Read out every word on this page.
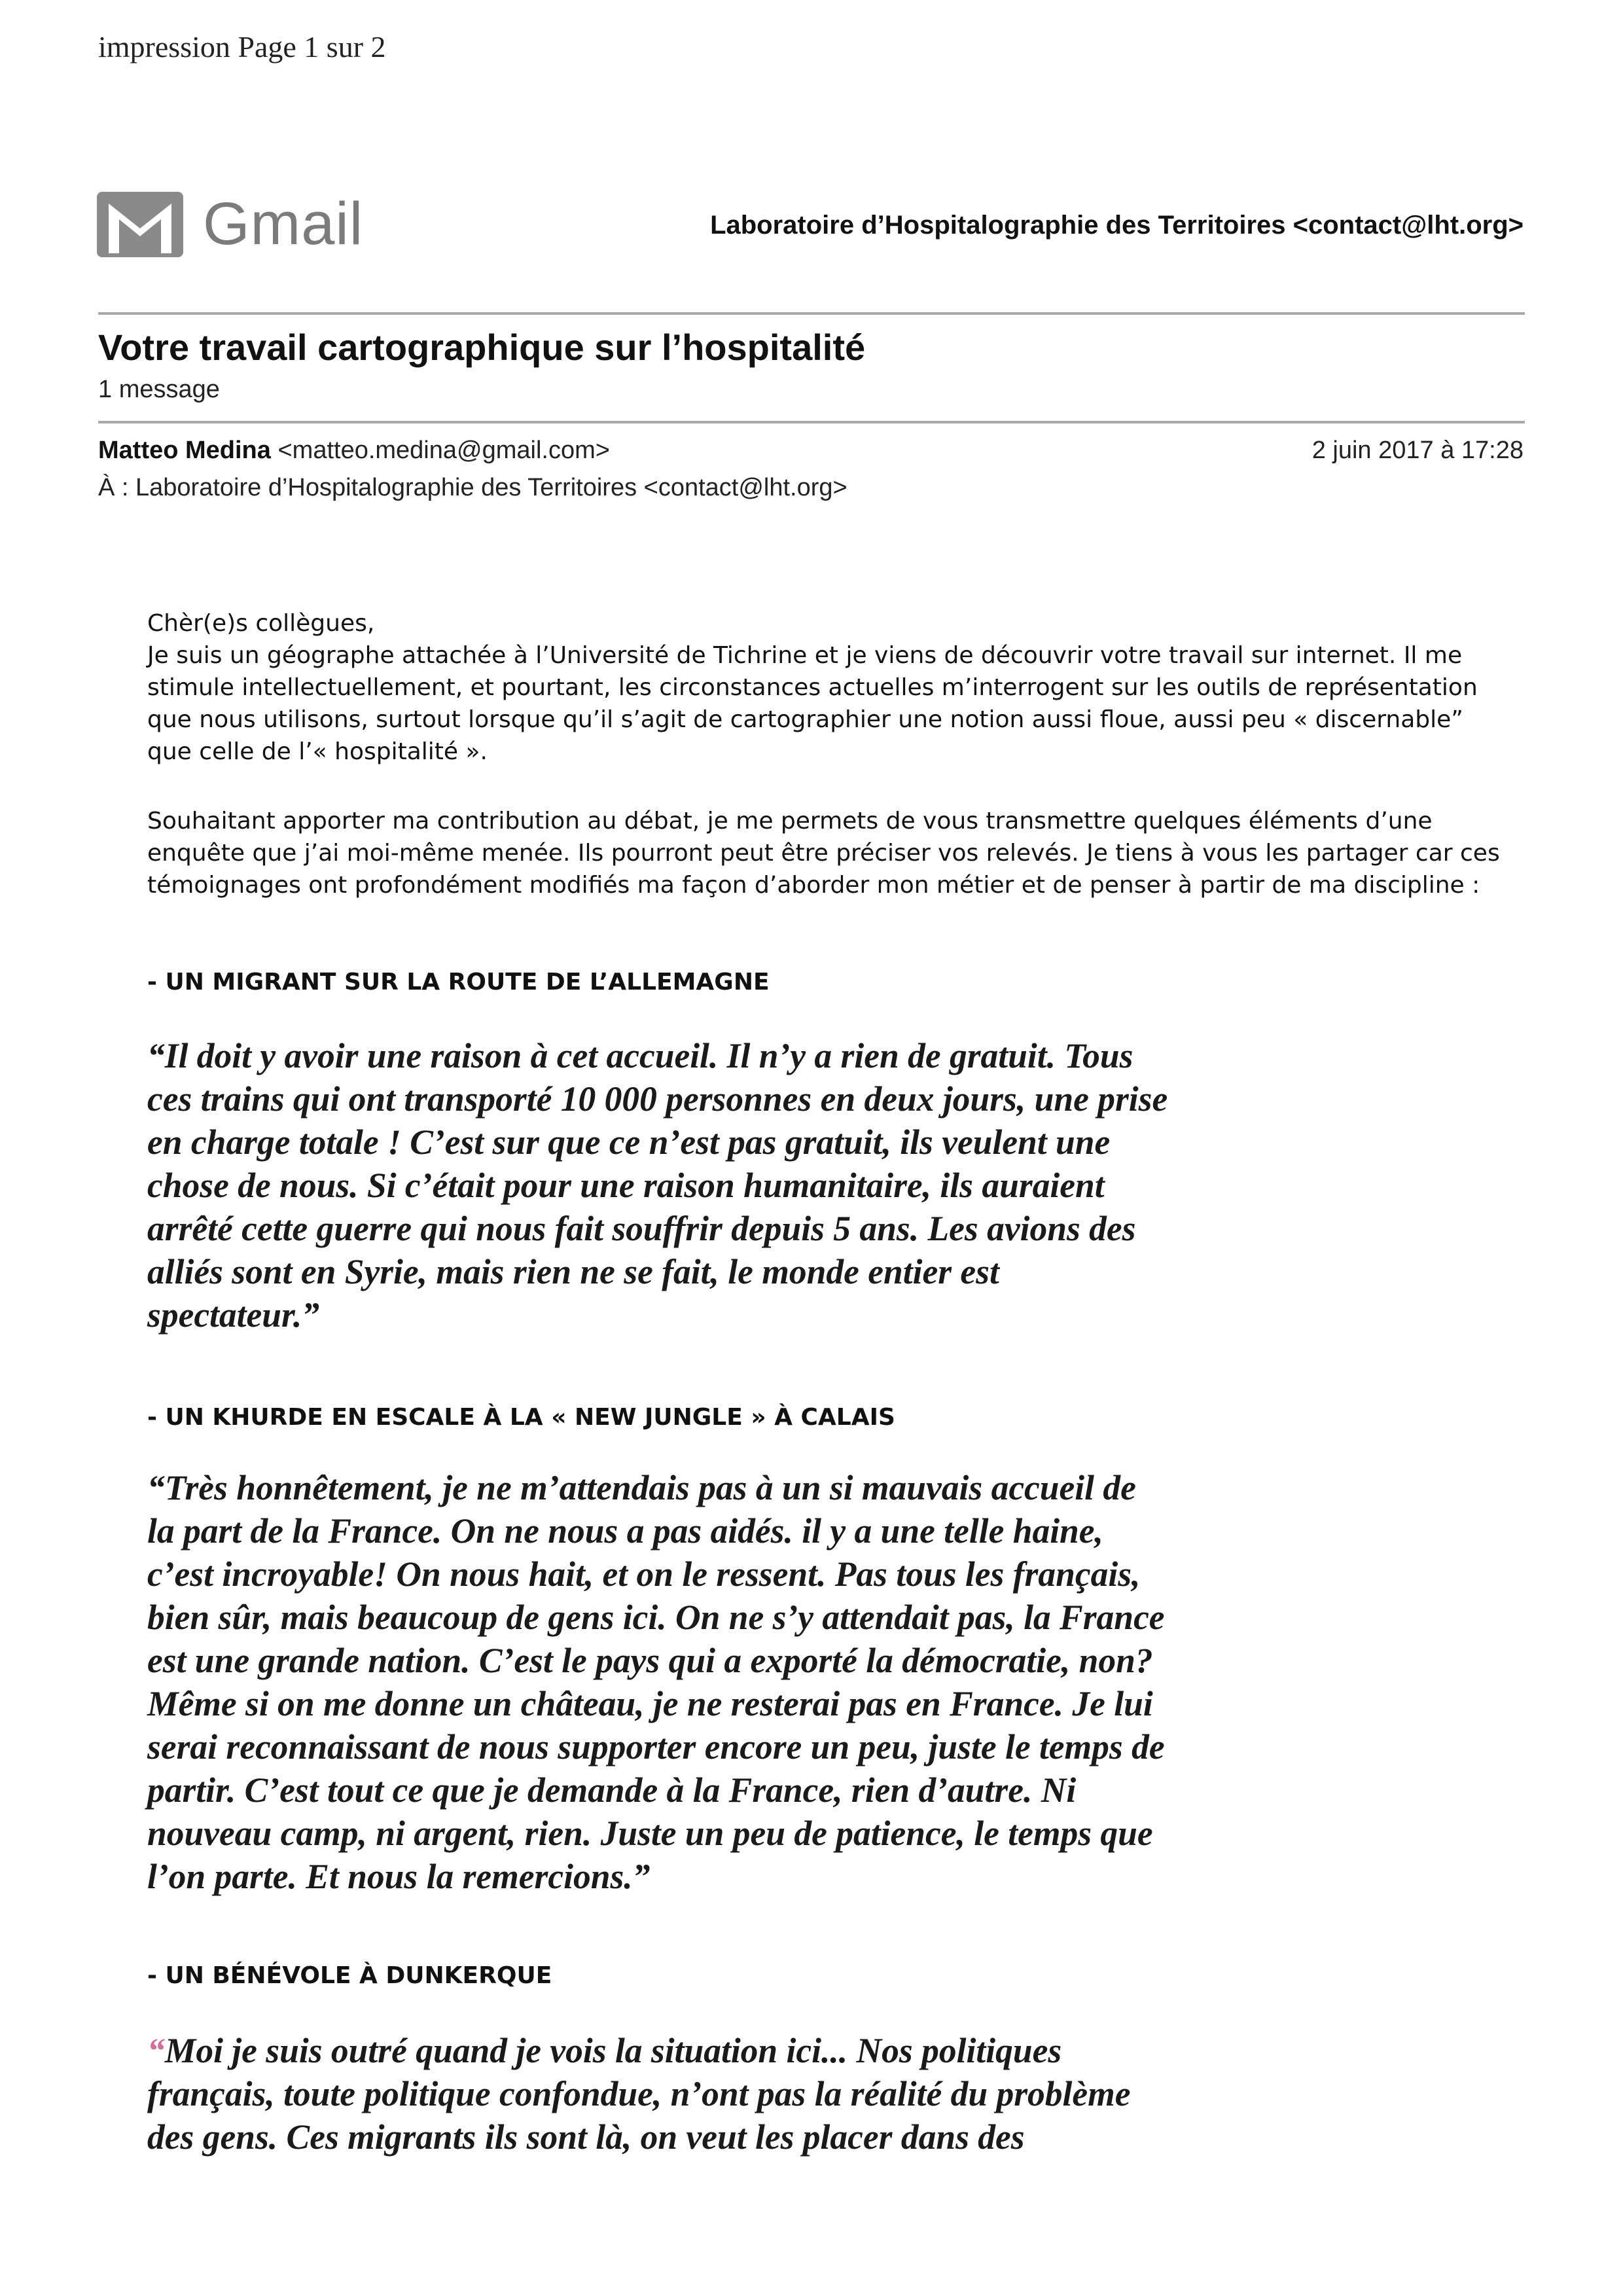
impression Page 1 sur 2
Gmail	Laboratoire d’Hospitalographie des Territoires <contact@lht.org>
Votre travail cartographique sur l’hospitalité
1 message
Matteo Medina <matteo.medina@gmail.com>	2 juin 2017 à 17:28
À : Laboratoire d’Hospitalographie des Territoires <contact@lht.org>

Chèr(e)s collègues,

Je suis un géographe attachée à l’Université de Tichrine et je viens de découvrir votre travail sur internet. Il me stimule intellectuellement, et pourtant, les circonstances actuelles m’interrogent sur les outils de représentation que nous utilisons, surtout lorsque qu’il s’agit de cartographier une notion aussi floue, aussi peu « discernable” que celle de l’« hospitalité ».

Souhaitant apporter ma contribution au débat, je me permets de vous transmettre quelques éléments d’une enquête que j’ai moi-même menée. Ils pourront peut être préciser vos relevés. Je tiens à vous les partager car ces témoignages ont profondément modifiés ma façon d’aborder mon métier et de penser à partir de ma discipline :

- UN MIGRANT SUR LA ROUTE DE L’ALLEMAGNE
“Il doit y avoir une raison à cet accueil. Il n’y a rien de gratuit. Tous ces trains qui ont transporté 10 000 personnes en deux jours, une prise en charge totale ! C’est sur que ce n’est pas gratuit, ils veulent une chose de nous. Si c’était pour une raison humanitaire, ils auraient arrêté cette guerre qui nous fait souffrir depuis 5 ans. Les avions des alliés sont en Syrie, mais rien ne se fait, le monde entier est spectateur.”
- UN KHURDE EN ESCALE À LA « NEW JUNGLE » À CALAIS
“Très honnêtement, je ne m’attendais pas à un si mauvais accueil de la part de la France. On ne nous a pas aidés. il y a une telle haine, c’est incroyable! On nous hait, et on le ressent. Pas tous les français, bien sûr, mais beaucoup de gens ici. On ne s’y attendait pas, la France est une grande nation. C’est le pays qui a exporté la démocratie, non? Même si on me donne un château, je ne resterai pas en France. Je lui serai reconnaissant de nous supporter encore un peu, juste le temps de partir. C’est tout ce que je demande à la France, rien d’autre. Ni nouveau camp, ni argent, rien. Juste un peu de patience, le temps que l’on parte. Et nous la remercions.”
- UN BÉNÉVOLE À DUNKERQUE
“Moi je suis outré quand je vois la situation ici... Nos politiques français, toute politique confondue, n’ont pas la réalité du problème des gens. Ces migrants ils sont là, on veut les placer dans des
